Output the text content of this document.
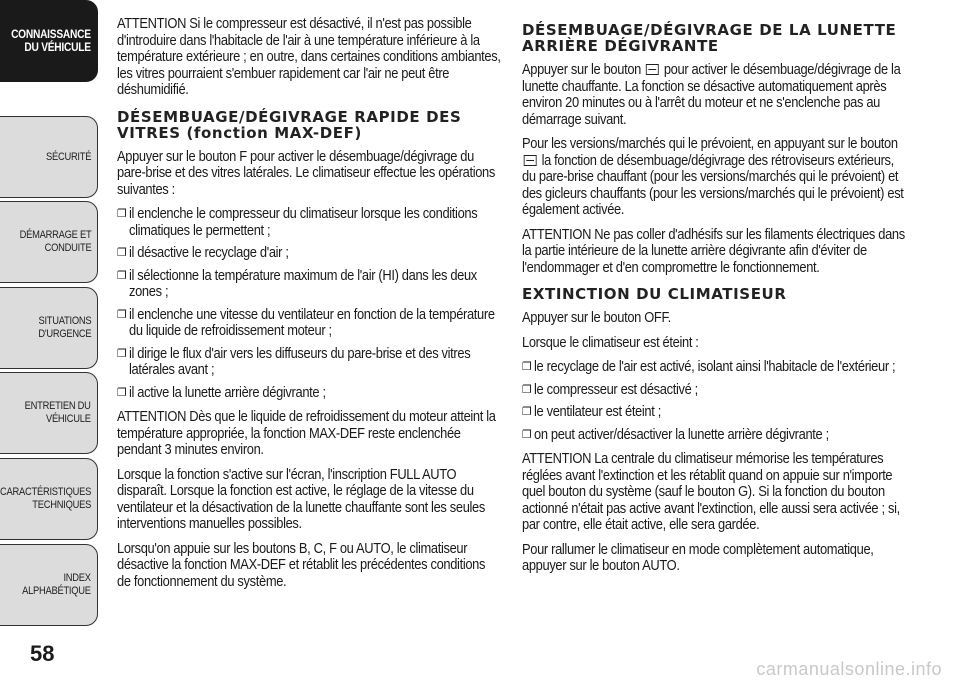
CONNAISSANCE
DU VÉHICULE
SÉCURITÉ
DÉMARRAGE ET
CONDUITE
SITUATIONS
D'URGENCE
ENTRETIEN DU
VÉHICULE
CARACTÉRISTIQUES
TECHNIQUES
INDEX
ALPHABÉTIQUE
58

ATTENTION Si le compresseur est désactivé, il n'est pas possible d'introduire dans l'habitacle de l'air à une température inférieure à la température extérieure ; en outre, dans certaines conditions ambiantes, les vitres pourraient s'embuer rapidement car l'air ne peut être déshumidifié.

DÉSEMBUAGE/DÉGIVRAGE RAPIDE DES VITRES (fonction MAX-DEF)

Appuyer sur le bouton F pour activer le désembuage/dégivrage du pare-brise et des vitres latérales. Le climatiseur effectue les opérations suivantes :

❐ il enclenche le compresseur du climatiseur lorsque les conditions climatiques le permettent ;
❐ il désactive le recyclage d'air ;
❐ il sélectionne la température maximum de l'air (HI) dans les deux zones ;
❐ il enclenche une vitesse du ventilateur en fonction de la température du liquide de refroidissement moteur ;
❐ il dirige le flux d'air vers les diffuseurs du pare-brise et des vitres latérales avant ;
❐ il active la lunette arrière dégivrante ;

ATTENTION Dès que le liquide de refroidissement du moteur atteint la température appropriée, la fonction MAX-DEF reste enclenchée pendant 3 minutes environ.

Lorsque la fonction s'active sur l'écran, l'inscription FULL AUTO disparaît. Lorsque la fonction est active, le réglage de la vitesse du ventilateur et la désactivation de la lunette chauffante sont les seules interventions manuelles possibles.

Lorsqu'on appuie sur les boutons B, C, F ou AUTO, le climatiseur désactive la fonction MAX-DEF et rétablit les précédentes conditions de fonctionnement du système.

DÉSEMBUAGE/DÉGIVRAGE DE LA LUNETTE ARRIÈRE DÉGIVRANTE

Appuyer sur le bouton pour activer le désembuage/dégivrage de la lunette chauffante. La fonction se désactive automatiquement après environ 20 minutes ou à l'arrêt du moteur et ne s'enclenche pas au démarrage suivant.

Pour les versions/marchés qui le prévoient, en appuyant sur le bouton  la fonction de désembuage/dégivrage des rétroviseurs extérieurs, du pare-brise chauffant (pour les versions/marchés qui le prévoient) et des gicleurs chauffants (pour les versions/marchés qui le prévoient) est également activée.

ATTENTION Ne pas coller d'adhésifs sur les filaments électriques dans la partie intérieure de la lunette arrière dégivrante afin d'éviter de l'endommager et d'en compromettre le fonctionnement.

EXTINCTION DU CLIMATISEUR

Appuyer sur le bouton OFF.

Lorsque le climatiseur est éteint :

❐ le recyclage de l'air est activé, isolant ainsi l'habitacle de l'extérieur ;
❐ le compresseur est désactivé ;
❐ le ventilateur est éteint ;
❐ on peut activer/désactiver la lunette arrière dégivrante ;

ATTENTION La centrale du climatiseur mémorise les températures réglées avant l'extinction et les rétablit quand on appuie sur n'importe quel bouton du système (sauf le bouton G). Si la fonction du bouton actionné n'était pas active avant l'extinction, elle aussi sera activée ; si, par contre, elle était active, elle sera gardée.

Pour rallumer le climatiseur en mode complètement automatique, appuyer sur le bouton AUTO.

carmanualsonline.info
